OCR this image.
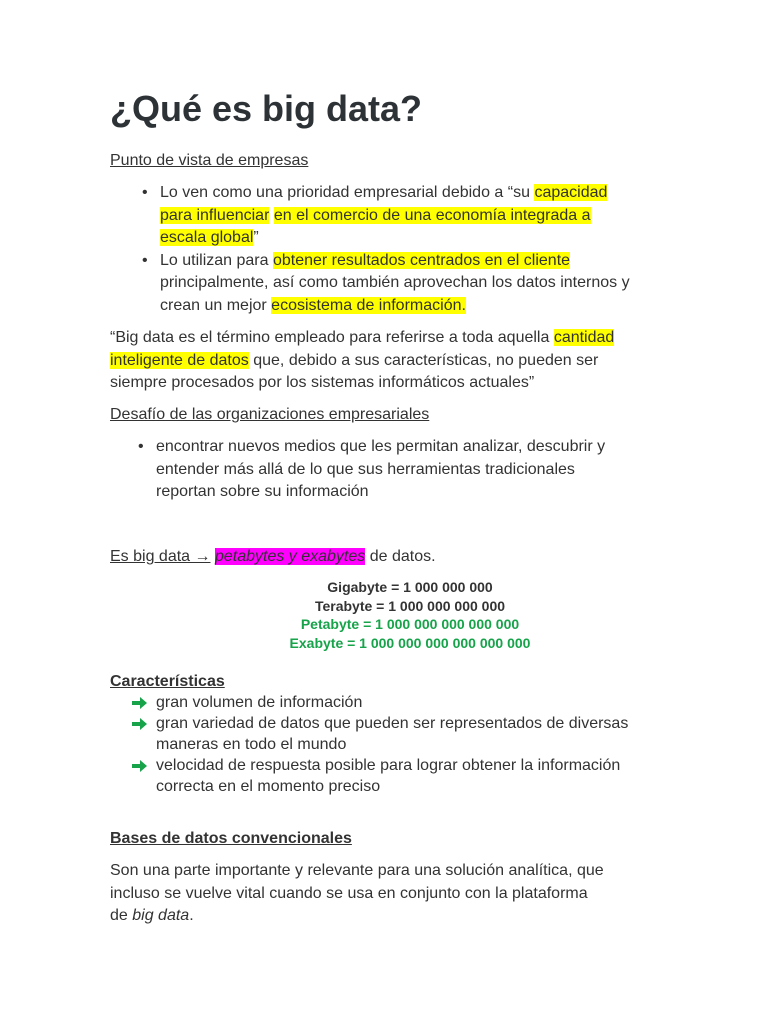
¿Qué es big data?
Punto de vista de empresas
• Lo ven como una prioridad empresarial debido a “su capacidad
para influenciar en el comercio de una economía integrada a
escala global”
• Lo utilizan para obtener resultados centrados en el cliente
principalmente, así como también aprovechan los datos internos y
crean un mejor ecosistema de información.
“Big data es el término empleado para referirse a toda aquella cantidad
inteligente de datos que, debido a sus características, no pueden ser
siempre procesados por los sistemas informáticos actuales”
Desafío de las organizaciones empresariales
• encontrar nuevos medios que les permitan analizar, descubrir y
entender más allá de lo que sus herramientas tradicionales
reportan sobre su información
Es big data → petabytes y exabytes de datos.
Gigabyte = 1 000 000 000
Terabyte = 1 000 000 000 000
Petabyte = 1 000 000 000 000 000
Exabyte = 1 000 000 000 000 000 000
Características
gran volumen de información
gran variedad de datos que pueden ser representados de diversas
maneras en todo el mundo
velocidad de respuesta posible para lograr obtener la información
correcta en el momento preciso
Bases de datos convencionales
Son una parte importante y relevante para una solución analítica, que
incluso se vuelve vital cuando se usa en conjunto con la plataforma
de big data.
